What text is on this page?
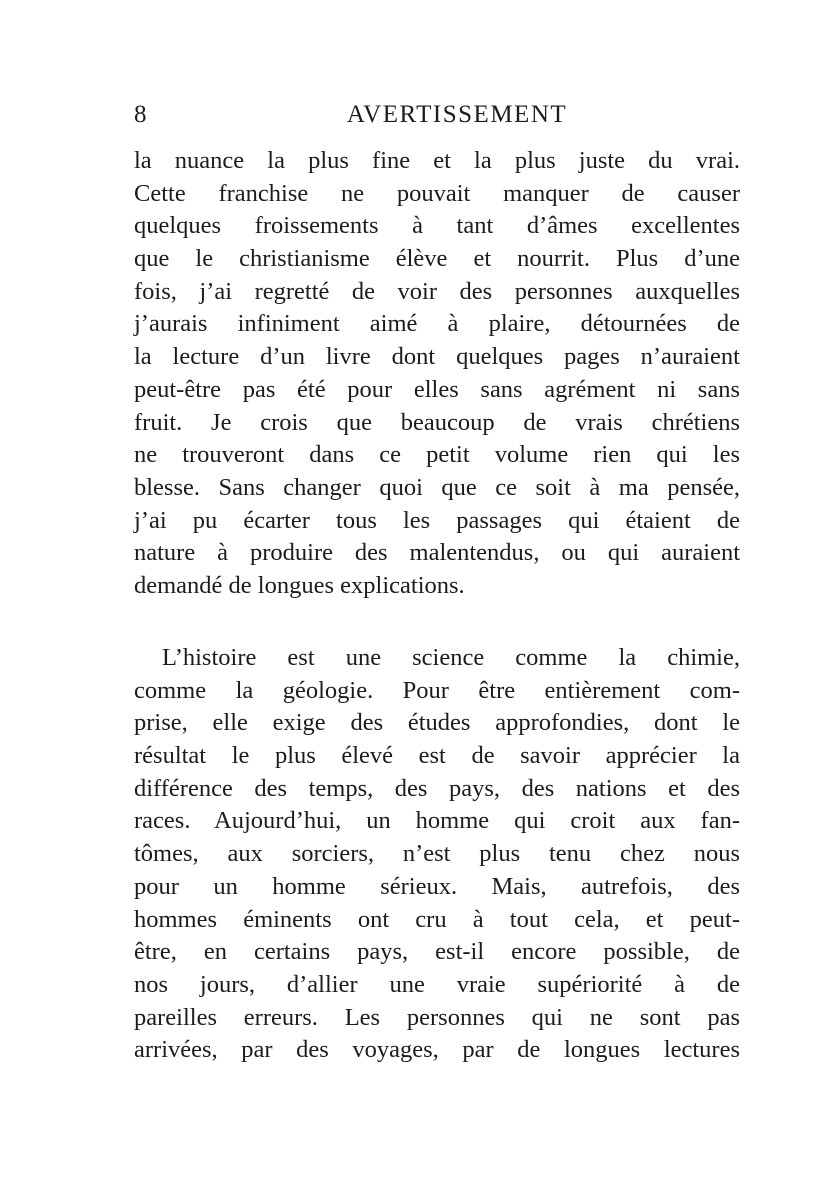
8	AVERTISSEMENT
la nuance la plus fine et la plus juste du vrai.
Cette franchise ne pouvait manquer de causer
quelques froissements à tant d’âmes excellentes
que le christianisme élève et nourrit. Plus d’une
fois, j’ai regretté de voir des personnes auxquelles
j’aurais infiniment aimé à plaire, détournées de
la lecture d’un livre dont quelques pages n’auraient
peut-être pas été pour elles sans agrément ni sans
fruit. Je crois que beaucoup de vrais chrétiens
ne trouveront dans ce petit volume rien qui les
blesse. Sans changer quoi que ce soit à ma pensée,
j’ai pu écarter tous les passages qui étaient de
nature à produire des malentendus, ou qui auraient
demandé de longues explications.
L’histoire est une science comme la chimie,
comme la géologie. Pour être entièrement com-
prise, elle exige des études approfondies, dont le
résultat le plus élevé est de savoir apprécier la
différence des temps, des pays, des nations et des
races. Aujourd’hui, un homme qui croit aux fan-
tômes, aux sorciers, n’est plus tenu chez nous
pour un homme sérieux. Mais, autrefois, des
hommes éminents ont cru à tout cela, et peut-
être, en certains pays, est-il encore possible, de
nos jours, d’allier une vraie supériorité à de
pareilles erreurs. Les personnes qui ne sont pas
arrivées, par des voyages, par de longues lectures
